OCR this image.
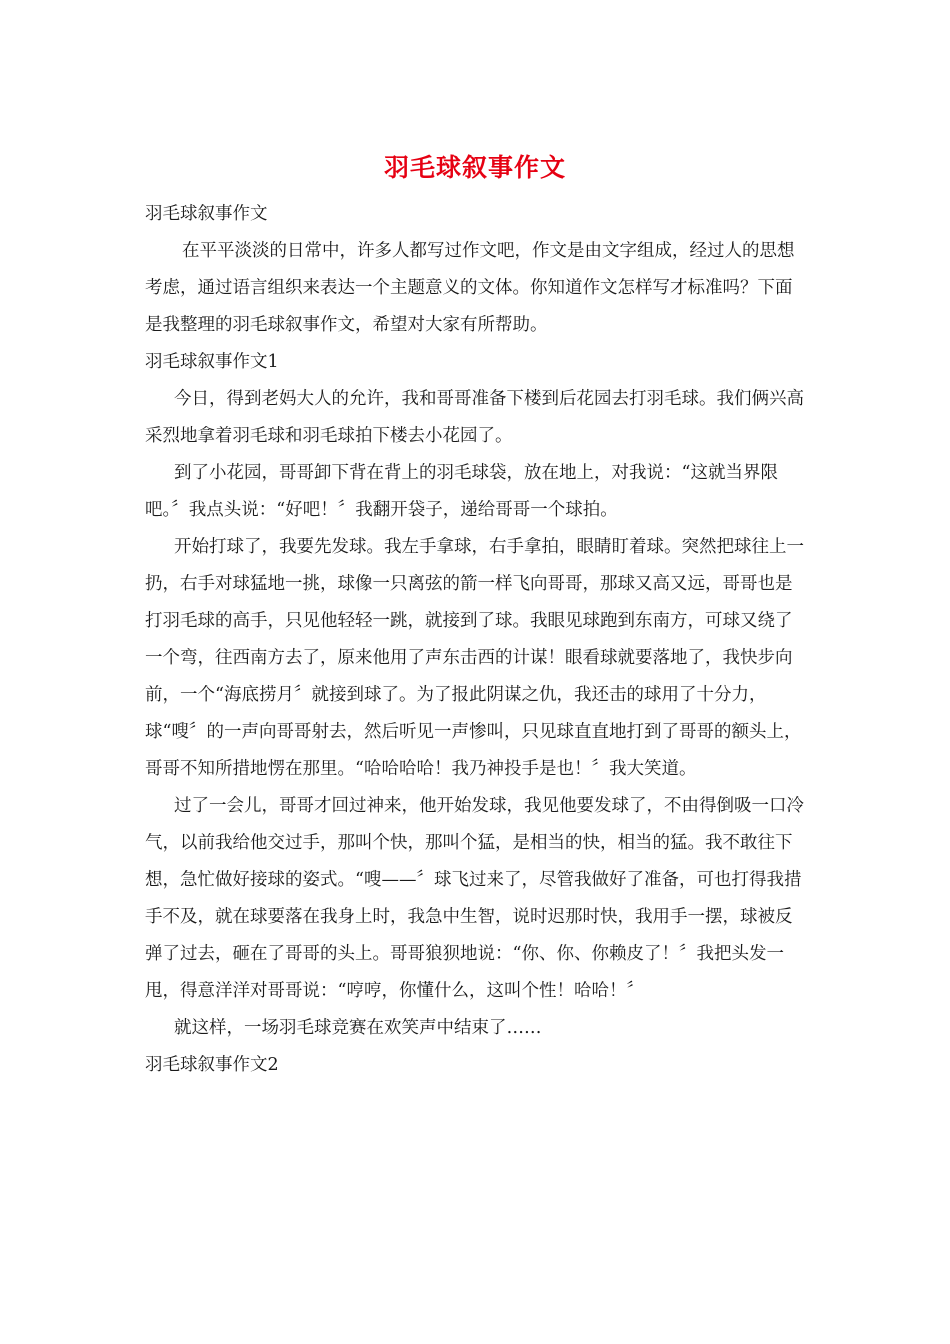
羽毛球叙事作文

羽毛球叙事作文

在平平淡淡的日常中，许多人都写过作文吧，作文是由文字组成，经过人的思想考虑，通过语言组织来表达一个主题意义的文体。你知道作文怎样写才标准吗？下面是我整理的羽毛球叙事作文，希望对大家有所帮助。

羽毛球叙事作文1

今日，得到老妈大人的允许，我和哥哥准备下楼到后花园去打羽毛球。我们俩兴高采烈地拿着羽毛球和羽毛球拍下楼去小花园了。

到了小花园，哥哥卸下背在背上的羽毛球袋，放在地上，对我说：“这就当界限吧。〞我点头说：“好吧！〞我翻开袋子，递给哥哥一个球拍。

开始打球了，我要先发球。我左手拿球，右手拿拍，眼睛盯着球。突然把球往上一扔，右手对球猛地一挑，球像一只离弦的箭一样飞向哥哥，那球又高又远，哥哥也是打羽毛球的高手，只见他轻轻一跳，就接到了球。我眼见球跑到东南方，可球又绕了一个弯，往西南方去了，原来他用了声东击西的计谋！眼看球就要落地了，我快步向前，一个“海底捞月〞就接到球了。为了报此阴谋之仇，我还击的球用了十分力，球“嗖〞的一声向哥哥射去，然后听见一声惨叫，只见球直直地打到了哥哥的额头上，哥哥不知所措地愣在那里。“哈哈哈哈！我乃神投手是也！〞我大笑道。

过了一会儿，哥哥才回过神来，他开始发球，我见他要发球了，不由得倒吸一口冷气，以前我给他交过手，那叫个快，那叫个猛，是相当的快，相当的猛。我不敢往下想，急忙做好接球的姿式。“嗖——〞球飞过来了，尽管我做好了准备，可也打得我措手不及，就在球要落在我身上时，我急中生智，说时迟那时快，我用手一摆，球被反弹了过去，砸在了哥哥的头上。哥哥狼狈地说：“你、你、你赖皮了！〞我把头发一甩，得意洋洋对哥哥说：“哼哼，你懂什么，这叫个性！哈哈！〞

就这样，一场羽毛球竞赛在欢笑声中结束了……

羽毛球叙事作文2
